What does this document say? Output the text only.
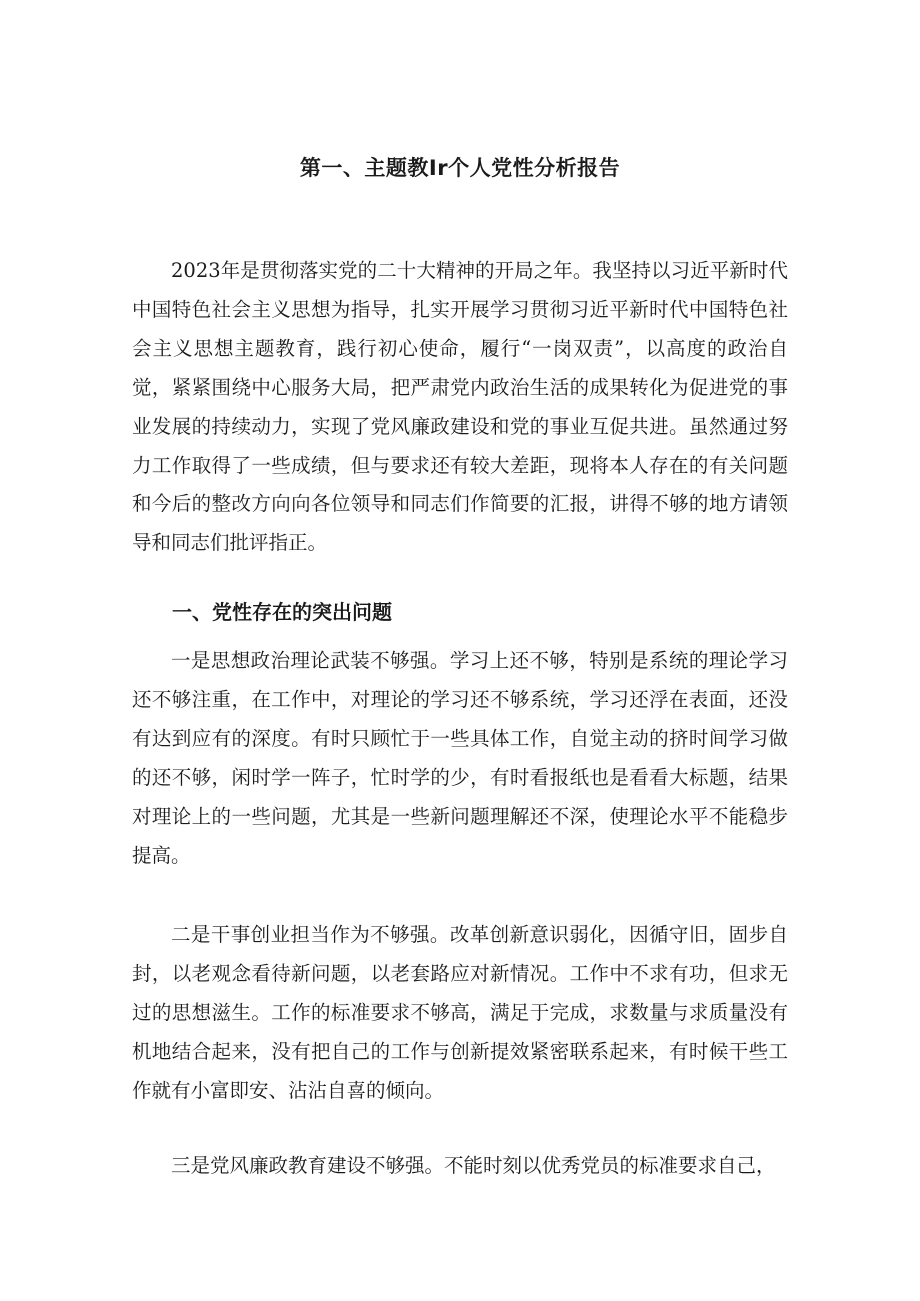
第一、主题教Ir个人党性分析报告

2023年是贯彻落实党的二十大精神的开局之年。我坚持以习近平新时代中国特色社会主义思想为指导，扎实开展学习贯彻习近平新时代中国特色社会主义思想主题教育，践行初心使命，履行“一岗双责”，以高度的政治自觉，紧紧围绕中心服务大局，把严肃党内政治生活的成果转化为促进党的事业发展的持续动力，实现了党风廉政建设和党的事业互促共进。虽然通过努力工作取得了一些成绩，但与要求还有较大差距，现将本人存在的有关问题和今后的整改方向向各位领导和同志们作简要的汇报，讲得不够的地方请领导和同志们批评指正。

一、党性存在的突出问题

一是思想政治理论武装不够强。学习上还不够，特别是系统的理论学习还不够注重，在工作中，对理论的学习还不够系统，学习还浮在表面，还没有达到应有的深度。有时只顾忙于一些具体工作，自觉主动的挤时间学习做的还不够，闲时学一阵子，忙时学的少，有时看报纸也是看看大标题，结果对理论上的一些问题，尤其是一些新问题理解还不深，使理论水平不能稳步提高。

二是干事创业担当作为不够强。改革创新意识弱化，因循守旧，固步自封，以老观念看待新问题，以老套路应对新情况。工作中不求有功，但求无过的思想滋生。工作的标准要求不够高，满足于完成，求数量与求质量没有机地结合起来，没有把自己的工作与创新提效紧密联系起来，有时候干些工作就有小富即安、沾沾自喜的倾向。

三是党风廉政教育建设不够强。不能时刻以优秀党员的标准要求自己，
